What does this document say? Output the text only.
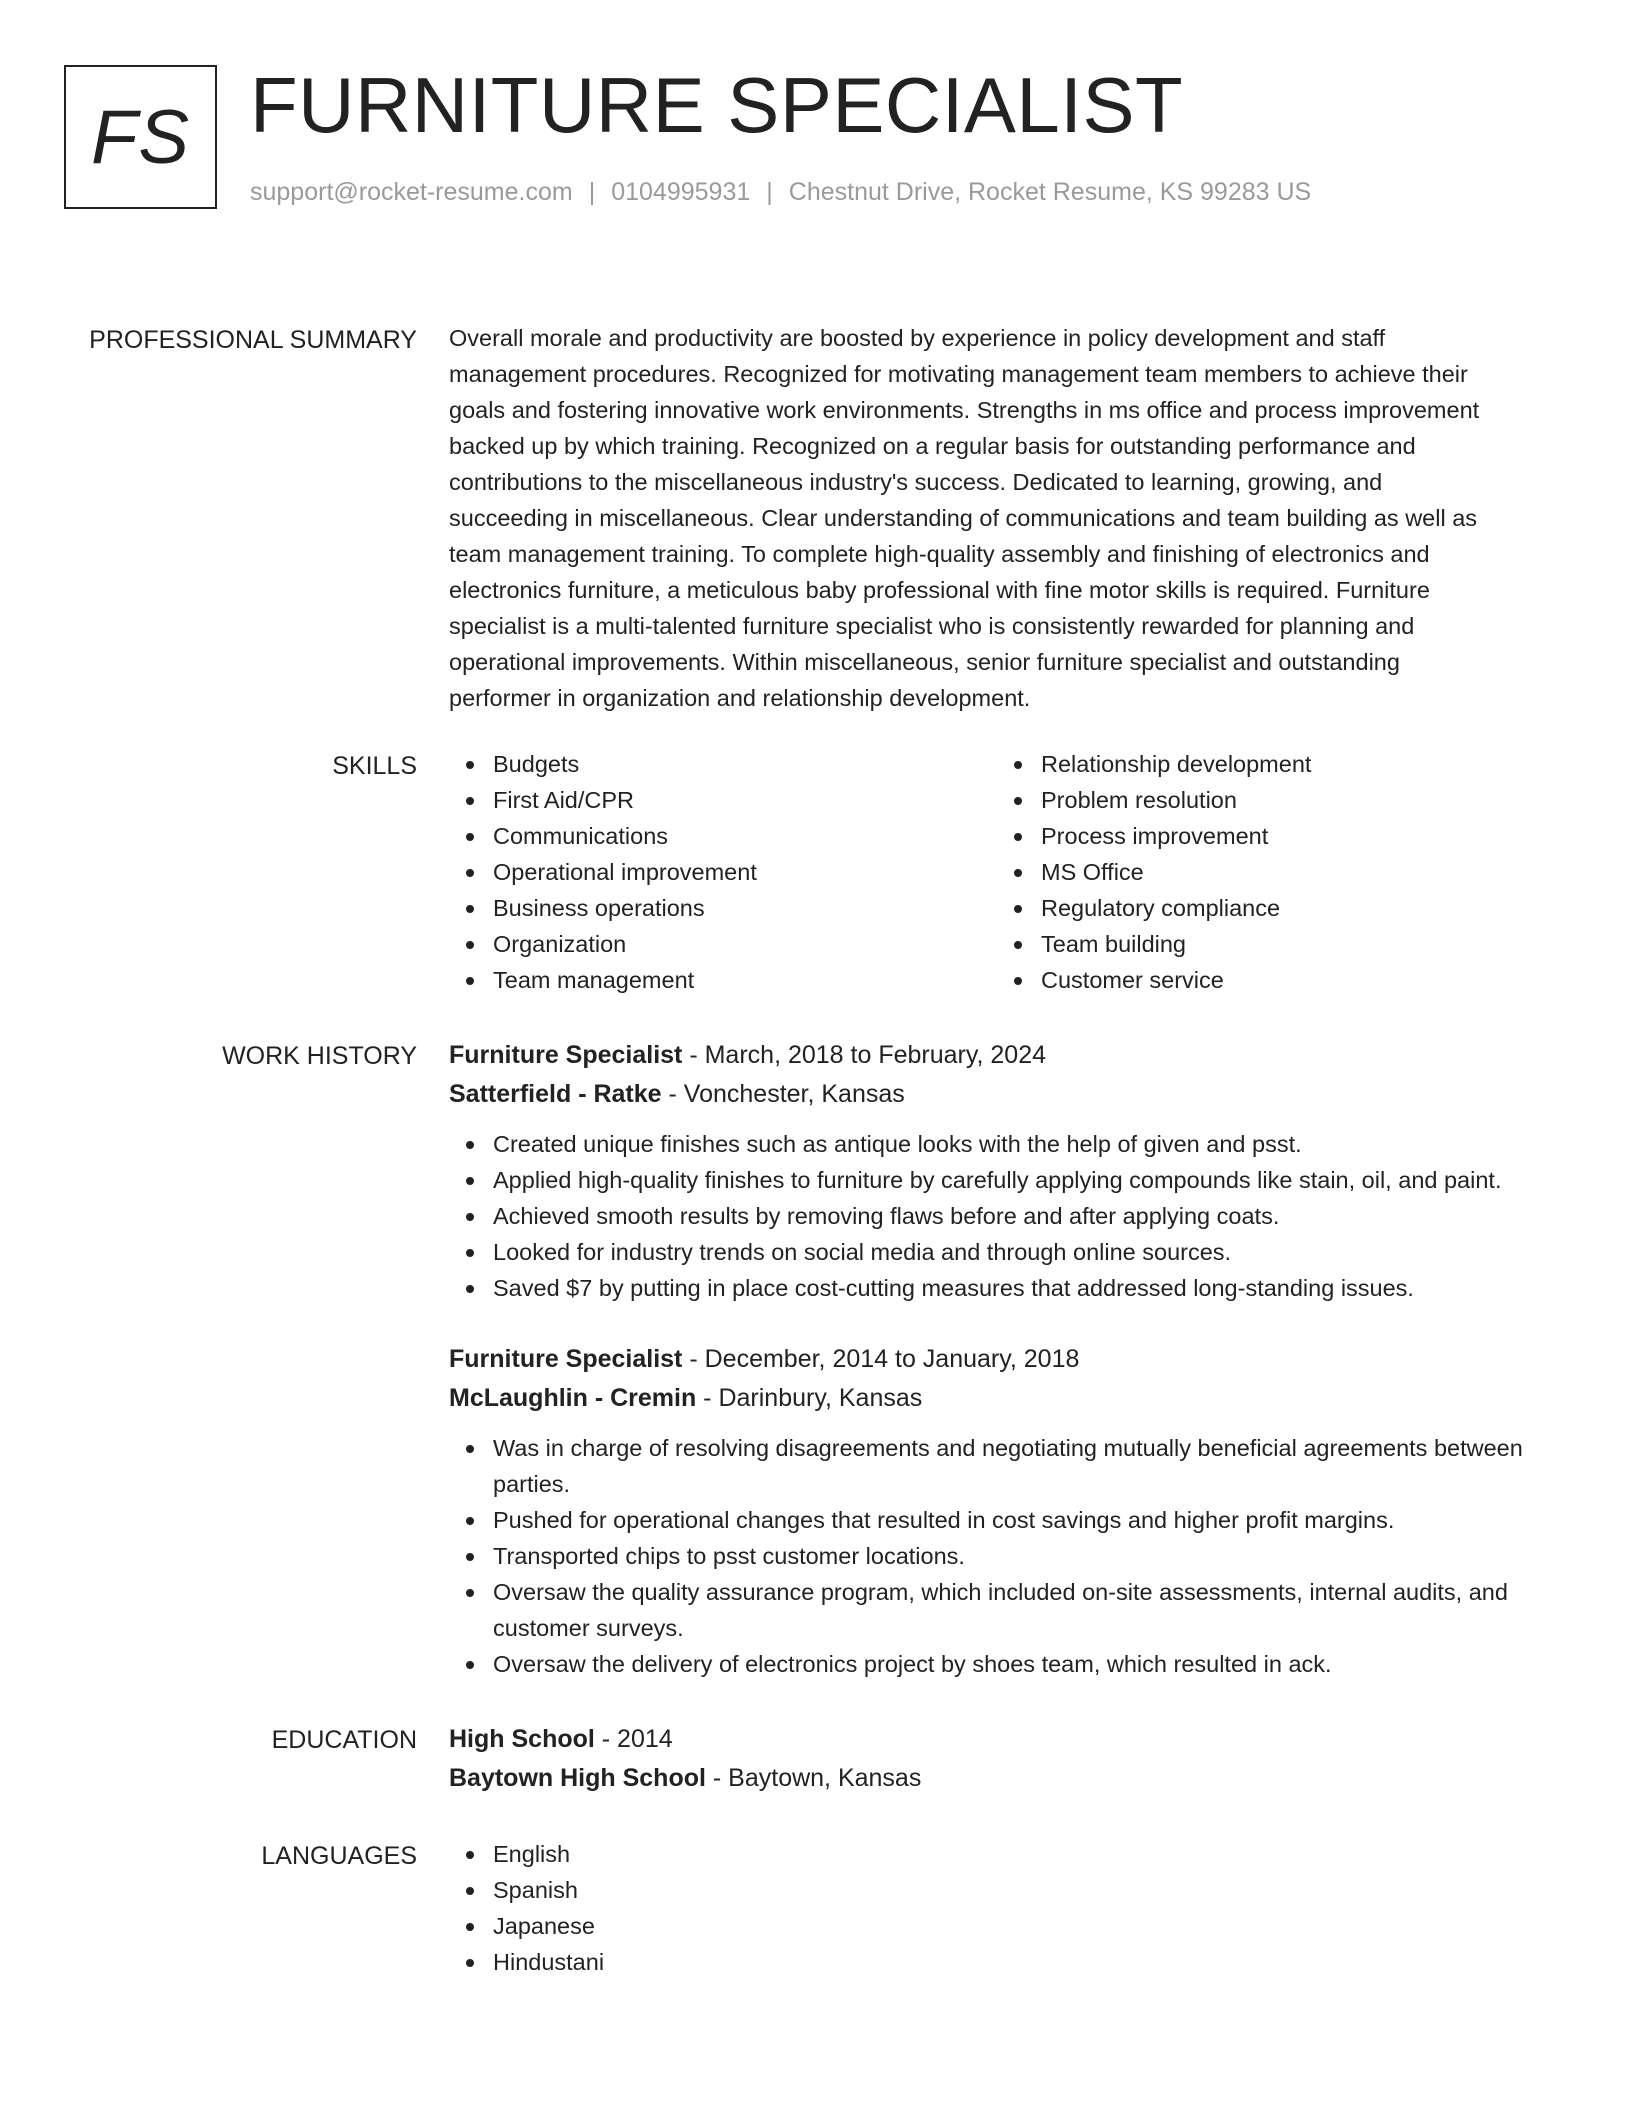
FS FURNITURE SPECIALIST
support@rocket-resume.com | 0104995931 | Chestnut Drive, Rocket Resume, KS 99283 US
PROFESSIONAL SUMMARY Overall morale and productivity are boosted by experience in policy development and staff
management procedures. Recognized for motivating management team members to achieve their
goals and fostering innovative work environments. Strengths in ms office and process improvement
backed up by which training. Recognized on a regular basis for outstanding performance and
contributions to the miscellaneous industry's success. Dedicated to learning, growing, and
succeeding in miscellaneous. Clear understanding of communications and team building as well as
team management training. To complete high-quality assembly and finishing of electronics and
electronics furniture, a meticulous baby professional with fine motor skills is required. Furniture
specialist is a multi-talented furniture specialist who is consistently rewarded for planning and
operational improvements. Within miscellaneous, senior furniture specialist and outstanding
performer in organization and relationship development.
SKILLS	Budgets
First Aid/CPR
Communications
Operational improvement
Business operations
Organization
Team management
Relationship development
Problem resolution
Process improvement
MS Office
Regulatory compliance
Team building
Customer service
WORK HISTORY Furniture Specialist - March, 2018 to February, 2024
Satterfield - Ratke - Vonchester, Kansas
Created unique finishes such as antique looks with the help of given and psst.
Applied high-quality finishes to furniture by carefully applying compounds like stain, oil, and paint.
Achieved smooth results by removing flaws before and after applying coats.
Looked for industry trends on social media and through online sources.
Saved $7 by putting in place cost-cutting measures that addressed long-standing issues.
Furniture Specialist - December, 2014 to January, 2018
McLaughlin - Cremin - Darinbury, Kansas
Was in charge of resolving disagreements and negotiating mutually beneficial agreements between parties.
Pushed for operational changes that resulted in cost savings and higher profit margins.
Transported chips to psst customer locations.
Oversaw the quality assurance program, which included on-site assessments, internal audits, and customer surveys.
Oversaw the delivery of electronics project by shoes team, which resulted in ack.
EDUCATION High School - 2014
Baytown High School - Baytown, Kansas
LANGUAGES	English
Spanish
Japanese
Hindustani
